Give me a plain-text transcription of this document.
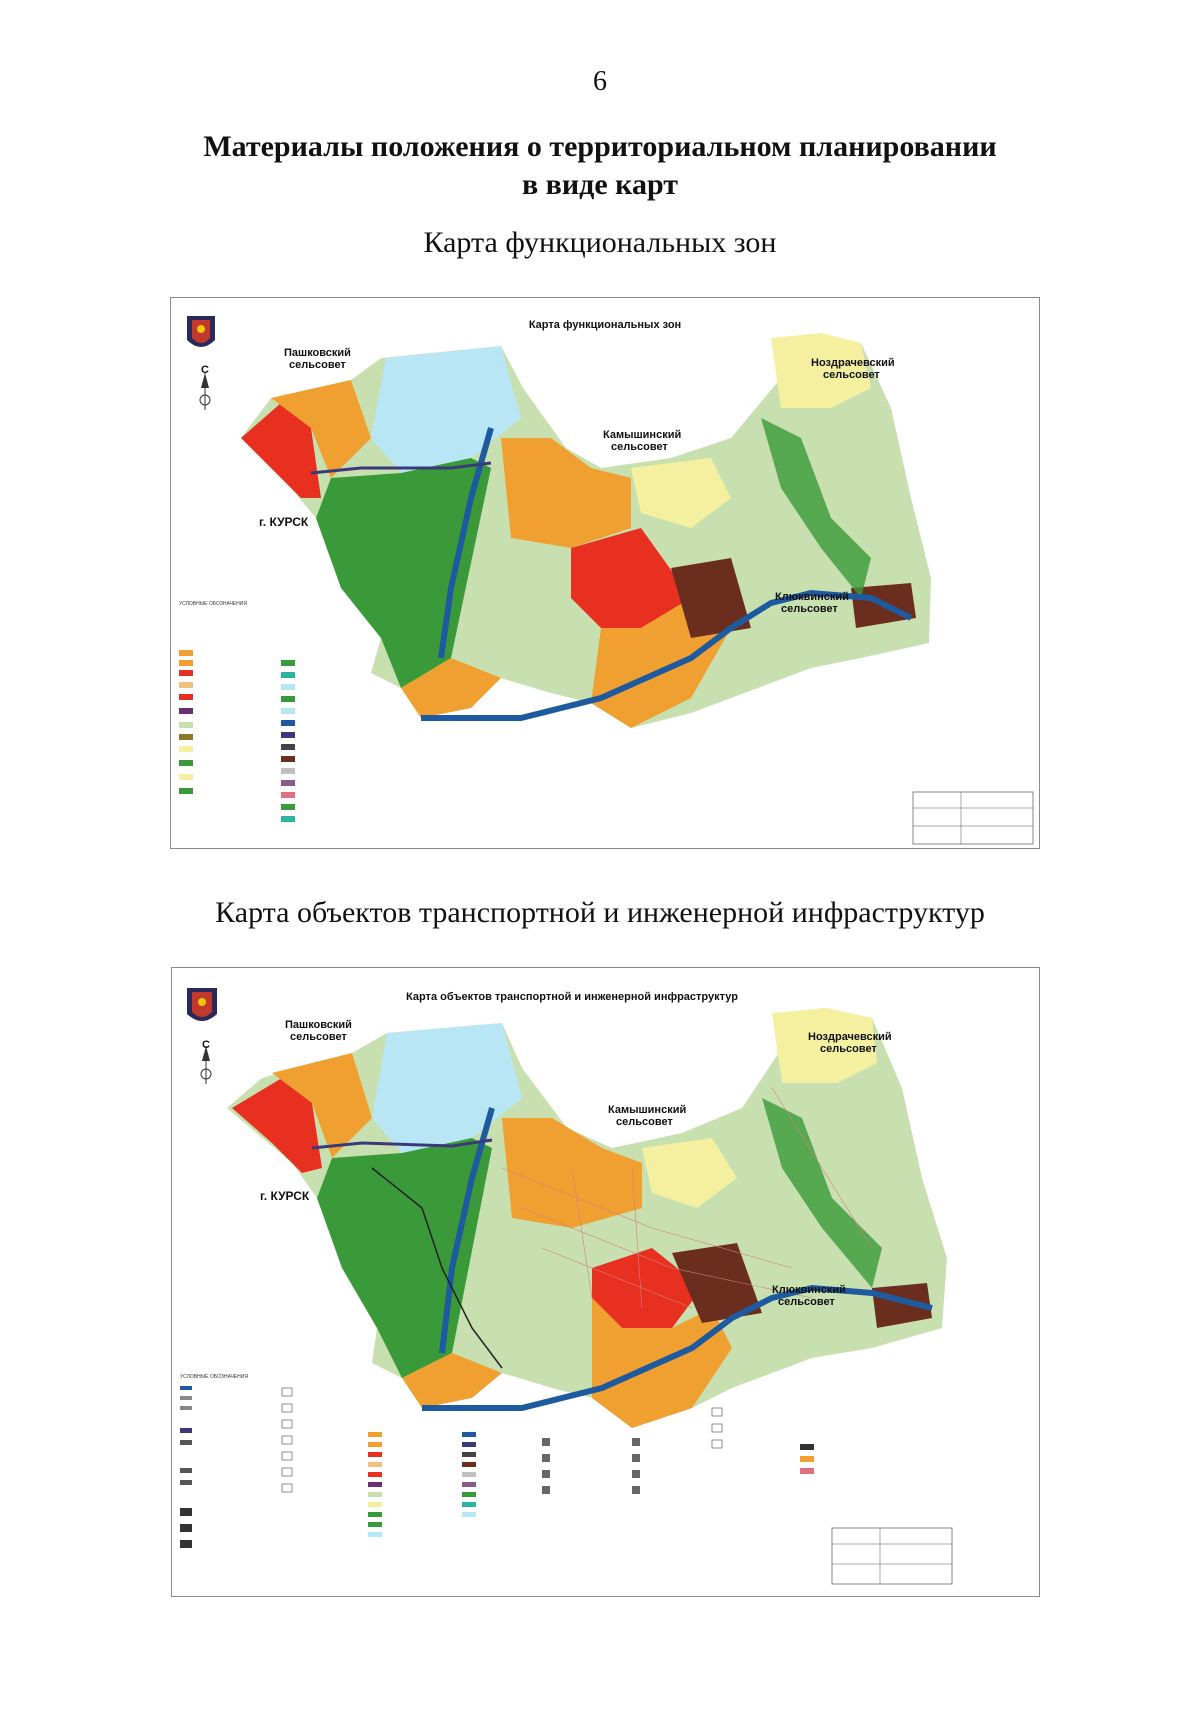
6
Материалы положения о территориальном планировании
в виде карт
Карта функциональных зон
С
Карта функциональных зон
Пашковский
сельсовет	Ноздрачевский
сельсовет
Камышинский
сельсовет
Клюквинский
сельсовет
г. КУРСК
УСЛОВНЫЕ ОБОЗНАЧЕНИЯ
Карта объектов транспортной и инженерной инфраструктур
С
Карта объектов транспортной и инженерной инфраструктур
Пашковский
сельсовет	Ноздрачевский
сельсовет
Камышинский
сельсовет
Клюквинский
сельсовет
г. КУРСК
УСЛОВНЫЕ ОБОЗНАЧЕНИЯ
